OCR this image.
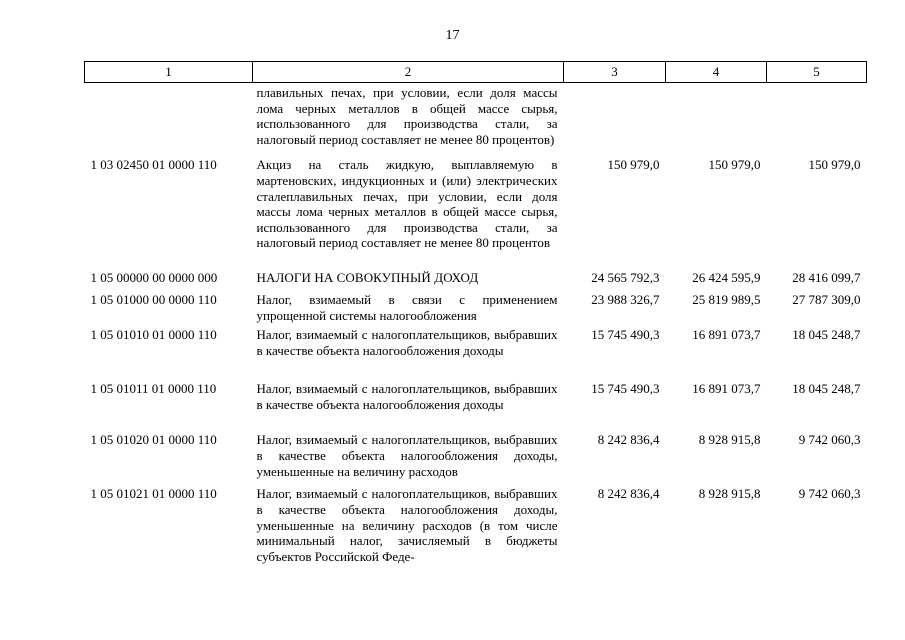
17
1	2	3	4	5
	плавильных печах, при условии, если доля массы лома черных металлов в общей массе сырья, использованного для производства стали, за налоговый период составляет не менее 80 процентов)			
1 03 02450 01 0000 110	Акциз на сталь жидкую, выплавляемую в мартеновских, индукционных и (или) электрических сталеплавильных печах, при условии, если доля массы лома черных металлов в общей массе сырья, использованного для производства стали, за налоговый период составляет не менее 80 процентов	150 979,0	150 979,0	150 979,0
1 05 00000 00 0000 000	НАЛОГИ НА СОВОКУПНЫЙ ДОХОД	24 565 792,3	26 424 595,9	28 416 099,7
1 05 01000 00 0000 110	Налог, взимаемый в связи с применением упрощенной системы налогообложения	23 988 326,7	25 819 989,5	27 787 309,0
1 05 01010 01 0000 110	Налог, взимаемый с налогоплательщиков, выбравших в качестве объекта налогообложения доходы	15 745 490,3	16 891 073,7	18 045 248,7
1 05 01011 01 0000 110	Налог, взимаемый с налогоплательщиков, выбравших в качестве объекта налогообложения доходы	15 745 490,3	16 891 073,7	18 045 248,7
1 05 01020 01 0000 110	Налог, взимаемый с налогоплательщиков, выбравших в качестве объекта налогообложения доходы, уменьшенные на величину расходов	8 242 836,4	8 928 915,8	9 742 060,3
1 05 01021 01 0000 110	Налог, взимаемый с налогоплательщиков, выбравших в качестве объекта налогообложения доходы, уменьшенные на величину расходов (в том числе минимальный налог, зачисляемый в бюджеты субъектов Российской Феде-	8 242 836,4	8 928 915,8	9 742 060,3
